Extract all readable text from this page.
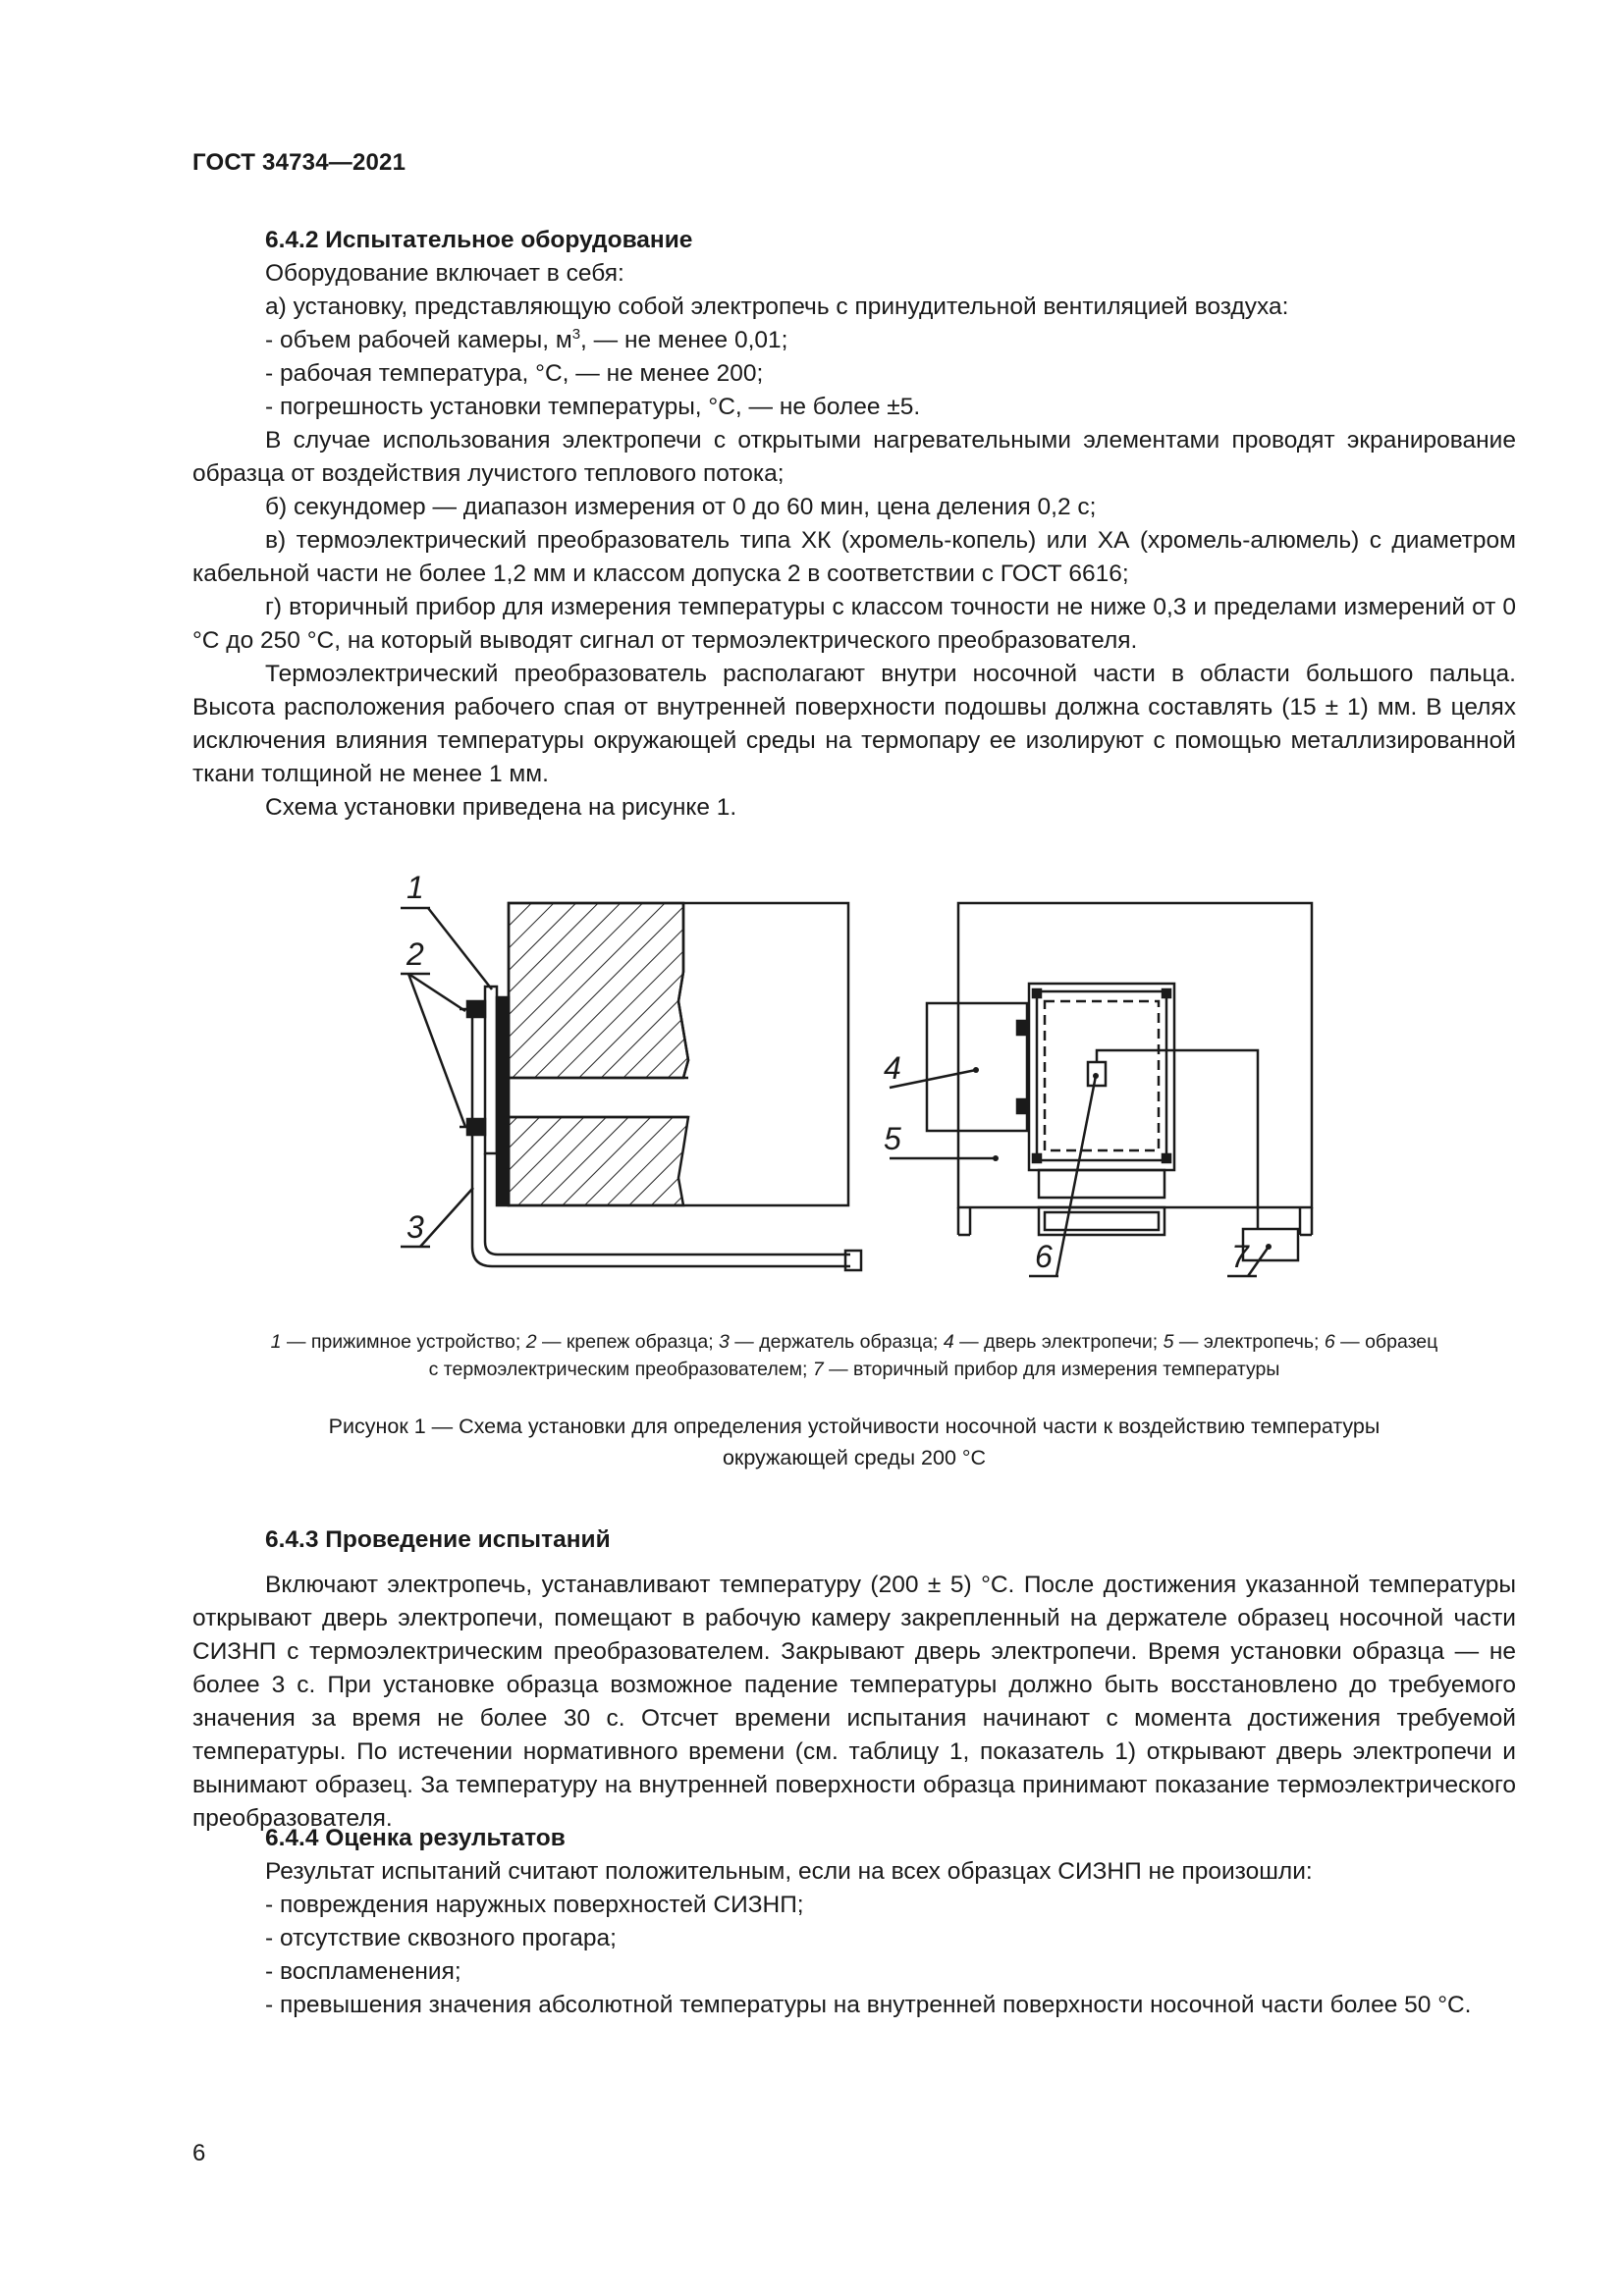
ГОСТ 34734—2021

6.4.2 Испытательное оборудование

Оборудование включает в себя:

а) установку, представляющую собой электропечь с принудительной вентиляцией воздуха:

- объем рабочей камеры, $м^3$, — не менее 0,01;

- рабочая температура, °С, — не менее 200;

- погрешность установки температуры, °С, — не более ±5.

В случае использования электропечи с открытыми нагревательными элементами проводят экранирование образца от воздействия лучистого теплового потока;

б) секундомер — диапазон измерения от 0 до 60 мин, цена деления 0,2 с;

в) термоэлектрический преобразователь типа ХК (хромель-копель) или ХА (хромель-алюмель) с диаметром кабельной части не более 1,2 мм и классом допуска 2 в соответствии с ГОСТ 6616;

г) вторичный прибор для измерения температуры с классом точности не ниже 0,3 и пределами измерений от 0 °С до 250 °С, на который выводят сигнал от термоэлектрического преобразователя.

Термоэлектрический преобразователь располагают внутри носочной части в области большого пальца. Высота расположения рабочего спая от внутренней поверхности подошвы должна составлять (15 ± 1) мм. В целях исключения влияния температуры окружающей среды на термопару ее изолируют с помощью металлизированной ткани толщиной не менее 1 мм.

Схема установки приведена на рисунке 1.

1
2
3
4
5
6	7
1 — прижимное устройство; 2 — крепеж образца; 3 — держатель образца; 4 — дверь электропечи; 5 — электропечь; 6 — образец
с термоэлектрическим преобразователем; 7 — вторичный прибор для измерения температуры
Рисунок 1 — Схема установки для определения устойчивости носочной части к воздействию температуры
окружающей среды 200 °С

6.4.3 Проведение испытаний

Включают электропечь, устанавливают температуру (200 ± 5) °С. После достижения указанной температуры открывают дверь электропечи, помещают в рабочую камеру закрепленный на держателе образец носочной части СИЗНП с термоэлектрическим преобразователем. Закрывают дверь электропечи. Время установки образца — не более 3 с. При установке образца возможное падение температуры должно быть восстановлено до требуемого значения за время не более 30 с. Отсчет времени испытания начинают с момента достижения требуемой температуры. По истечении нормативного времени (см. таблицу 1, показатель 1) открывают дверь электропечи и вынимают образец. За температуру на внутренней поверхности образца принимают показание термоэлектрического преобразователя.

6.4.4 Оценка результатов

Результат испытаний считают положительным, если на всех образцах СИЗНП не произошли:

- повреждения наружных поверхностей СИЗНП;

- отсутствие сквозного прогара;

- воспламенения;

- превышения значения абсолютной температуры на внутренней поверхности носочной части более 50 °С.

6
